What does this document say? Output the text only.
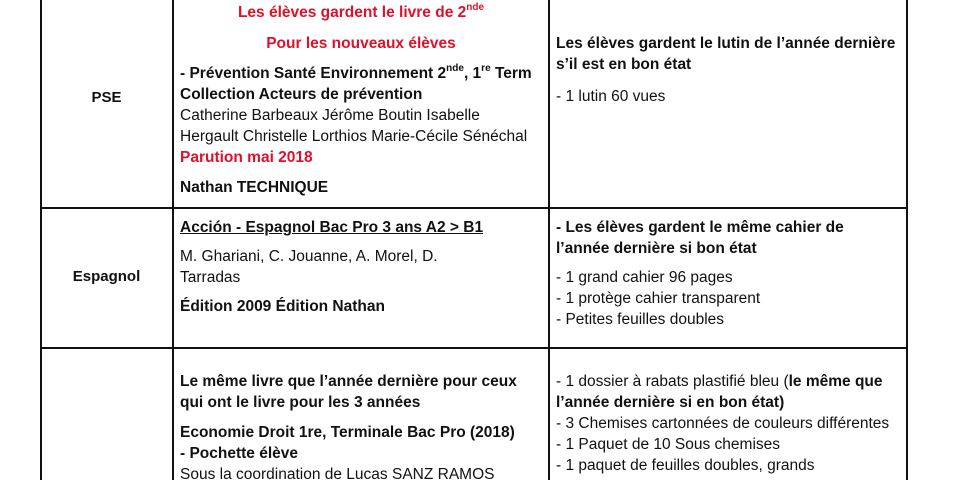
PSE

Les élèves gardent le livre de 2nde

Pour les nouveaux élèves

- Prévention Santé Environnement 2nde, 1re Term Collection Acteurs de prévention

Catherine Barbeaux Jérôme Boutin Isabelle Hergault Christelle Lorthios Marie-Cécile Sénéchal Parution mai 2018

Nathan TECHNIQUE

Les élèves gardent le lutin de l’année dernière s’il est en bon état

- 1 lutin 60 vues

Espagnol

Acción - Espagnol Bac Pro 3 ans A2 > B1

M. Ghariani, C. Jouanne, A. Morel, D. Tarradas

Édition 2009 Édition Nathan

- Les élèves gardent le même cahier de l’année dernière si bon état

- 1 grand cahier 96 pages

- 1 protège cahier transparent

- Petites feuilles doubles

Le même livre que l’année dernière pour ceux qui ont le livre pour les 3 années

Economie Droit 1re, Terminale Bac Pro (2018) - Pochette élève

Sous la coordination de Lucas SANZ RAMOS

- 1 dossier à rabats plastifié bleu (le même que l’année dernière si en bon état)

- 3 Chemises cartonnées de couleurs différentes

- 1 Paquet de 10 Sous chemises

- 1 paquet de feuilles doubles, grands
